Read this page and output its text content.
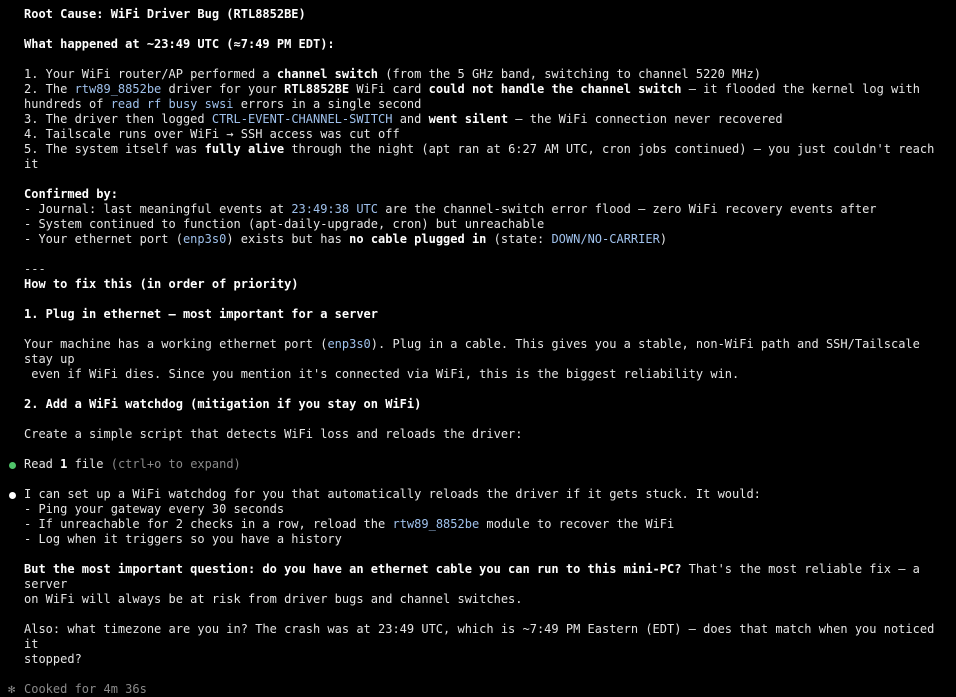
Root Cause: WiFi Driver Bug (RTL8852BE)
What happened at ~23:49 UTC (≈7:49 PM EDT):
1. Your WiFi router/AP performed a channel switch (from the 5 GHz band, switching to channel 5220 MHz)
2. The rtw89_8852be driver for your RTL8852BE WiFi card could not handle the channel switch — it flooded the kernel log with
hundreds of read rf busy swsi errors in a single second
3. The driver then logged CTRL-EVENT-CHANNEL-SWITCH and went silent — the WiFi connection never recovered
4. Tailscale runs over WiFi → SSH access was cut off
5. The system itself was fully alive through the night (apt ran at 6:27 AM UTC, cron jobs continued) — you just couldn't reach it
Confirmed by:
- Journal: last meaningful events at 23:49:38 UTC are the channel-switch error flood — zero WiFi recovery events after
- System continued to function (apt-daily-upgrade, cron) but unreachable
- Your ethernet port (enp3s0) exists but has no cable plugged in (state: DOWN/NO-CARRIER)
---
How to fix this (in order of priority)
1. Plug in ethernet — most important for a server
Your machine has a working ethernet port (enp3s0). Plug in a cable. This gives you a stable, non-WiFi path and SSH/Tailscale stay up
even if WiFi dies. Since you mention it's connected via WiFi, this is the biggest reliability win.
2. Add a WiFi watchdog (mitigation if you stay on WiFi)
Create a simple script that detects WiFi loss and reloads the driver:
Read 1 file (ctrl+o to expand)
I can set up a WiFi watchdog for you that automatically reloads the driver if it gets stuck. It would:
- Ping your gateway every 30 seconds
- If unreachable for 2 checks in a row, reload the rtw89_8852be module to recover the WiFi
- Log when it triggers so you have a history
But the most important question: do you have an ethernet cable you can run to this mini-PC? That's the most reliable fix — a server
on WiFi will always be at risk from driver bugs and channel switches.
Also: what timezone are you in? The crash was at 23:49 UTC, which is ~7:49 PM Eastern (EDT) — does that match when you noticed it
stopped?
✻ Cooked for 4m 36s
